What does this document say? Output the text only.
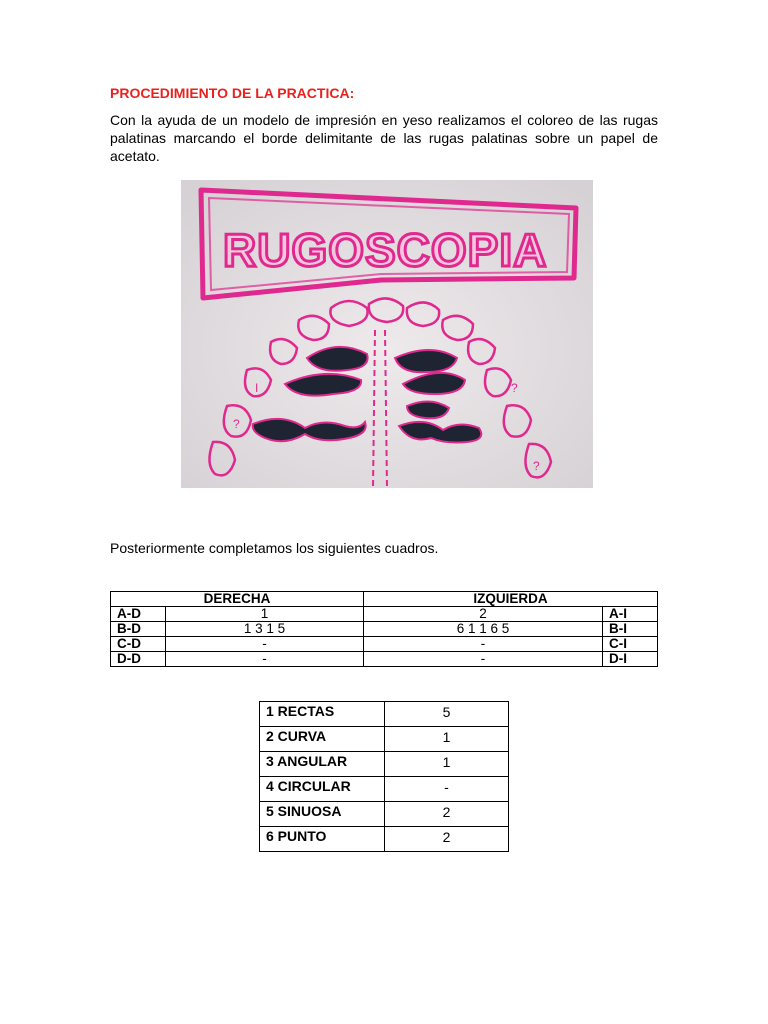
PROCEDIMIENTO DE LA PRACTICA:
Con la ayuda de un modelo de impresión en yeso realizamos el coloreo de las rugas palatinas marcando el borde delimitante de las rugas palatinas sobre un papel de acetato.
RUGOSCOPIA
I
?
?
?
Posteriormente completamos los siguientes cuadros.
DERECHA		IZQUIERDA	
A-D	1	2	A-I
B-D	1 3 1 5	6 1 1 6 5	B-I
C-D	-	-	C-I
D-D	-	-	D-I
1 RECTAS	5
2 CURVA	1
3 ANGULAR	1
4 CIRCULAR	-
5 SINUOSA	2
6 PUNTO	2
